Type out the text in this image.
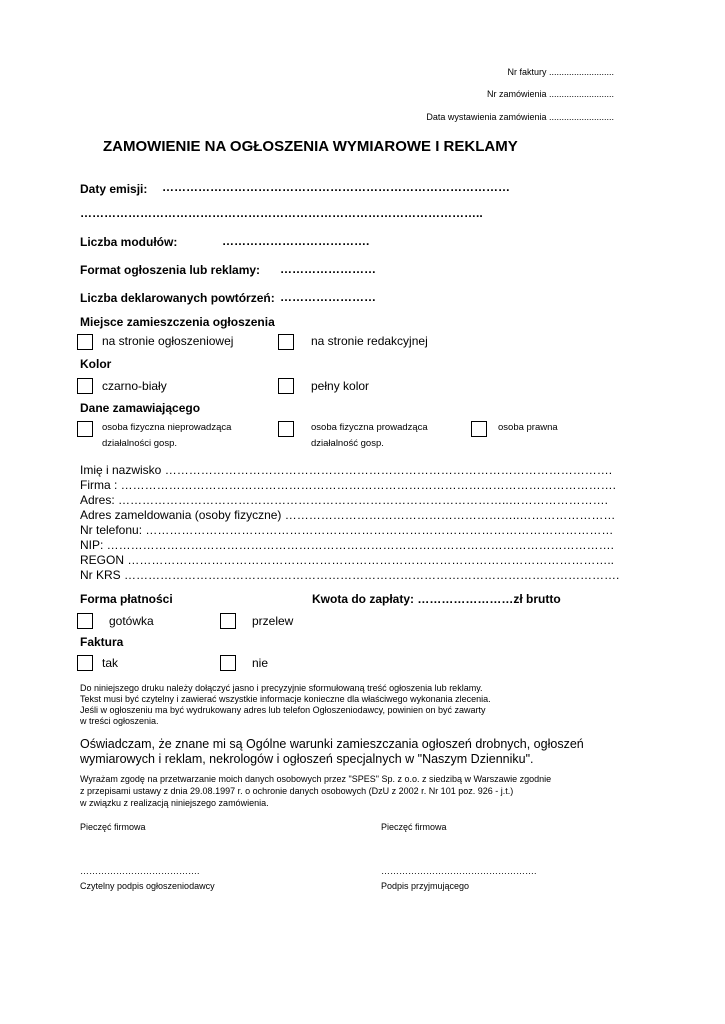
Nr faktury ..........................
Nr zamówienia ..........................
Data wystawienia zamówienia ..........................
ZAMOWIENIE NA OGŁOSZENIA WYMIAROWE I REKLAMY
Daty emisji: ……………………………………………………………………………
………………………………………………………………………………………..
Liczba modułów:	……………………………….
Format ogłoszenia lub reklamy: ……………………
Liczba deklarowanych powtórzeń: ……………………
Miejsce zamieszczenia ogłoszenia
na stronie ogłoszeniowej	na stronie redakcyjnej
Kolor
czarno-biały	pełny kolor
Dane zamawiającego
osoba fizyczna nieprowadząca
działalności gosp.
osoba fizyczna prowadząca
działalność gosp.
osoba prawna
Imię i nazwisko ………………………………………………………………………………………………….
Firma : …………………………………………………………………………………………………………….
Adres: ……………………………………………………………………………………..…………………….
Adres zameldowania (osoby fizyczne) …………………………………………………..……………………
Nr telefonu: ………………………………………………………………………………………………………
NIP: ……………………………………………………………………………………………………………….
REGON …………………………………………………………………………………………………………..
Nr KRS …………………………………………………………………………………………………………….
Forma płatności	Kwota do zapłaty: ……………………zł brutto
gotówka	przelew
Faktura
tak	nie
Do niniejszego druku należy dołączyć jasno i precyzyjnie sformułowaną treść ogłoszenia lub reklamy.
Tekst musi być czytelny i zawierać wszystkie informacje konieczne dla właściwego wykonania zlecenia.
Jeśli w ogłoszeniu ma być wydrukowany adres lub telefon Ogłoszeniodawcy, powinien on być zawarty
w treści ogłoszenia.
Oświadczam, że znane mi są Ogólne warunki zamieszczania ogłoszeń drobnych, ogłoszeń
wymiarowych i reklam, nekrologów i ogłoszeń specjalnych w "Naszym Dzienniku".
Wyrażam zgodę na przetwarzanie moich danych osobowych przez "SPES" Sp. z o.o. z siedzibą w Warszawie zgodnie
z przepisami ustawy z dnia 29.08.1997 r. o ochronie danych osobowych (DzU z 2002 r. Nr 101 poz. 926 - j.t.)
w związku z realizacją niniejszego zamówienia.
Pieczęć firmowa	Pieczęć firmowa
………………………………….	…………………………………………….
Czytelny podpis ogłoszeniodawcy	Podpis przyjmującego
